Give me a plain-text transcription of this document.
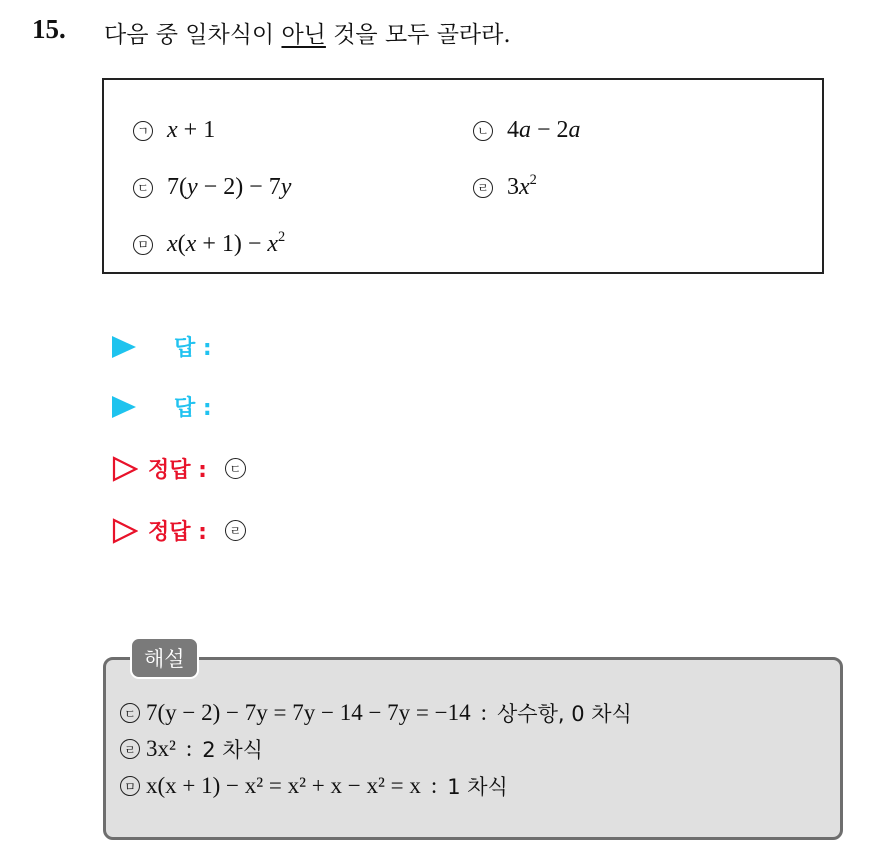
15. 다음 중 일차식이 아닌 것을 모두 골라라.
ㄱ x + 1	ㄴ 4a − 2a
ㄷ 7(y − 2) − 7y	ㄹ $3x^2$
ㅁ $x(x + 1) - x^2$
답 :
답 :
정답 :	ㄷ
정답 :	ㄹ
해설
ㄷ 7(y − 2) − 7y = 7y − 14 − 7y = −14 : 상수항, 0 차식
ㄹ 3x² : 2 차식
ㅁ x(x + 1) − x² = x² + x − x² = x : 1 차식
